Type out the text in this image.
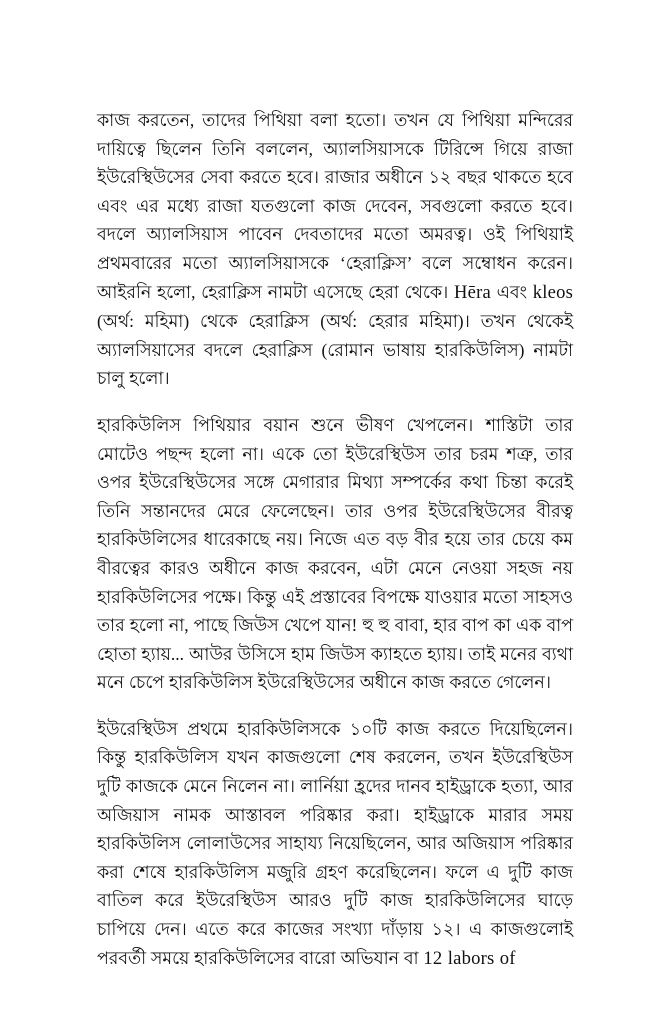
কাজ করতেন, তাদের পিথিয়া বলা হতো। তখন যে পিথিয়া মন্দিরের দায়িত্বে ছিলেন তিনি বললেন, অ্যালসিয়াসকে টিরিন্সে গিয়ে রাজা ইউরেস্থিউসের সেবা করতে হবে। রাজার অধীনে ১২ বছর থাকতে হবে এবং এর মধ্যে রাজা যতগুলো কাজ দেবেন, সবগুলো করতে হবে। বদলে অ্যালসিয়াস পাবেন দেবতাদের মতো অমরত্ব। ওই পিথিয়াই প্রথমবারের মতো অ্যালসিয়াসকে ‘হেরাক্লিস’ বলে সম্বোধন করেন। আইরনি হলো, হেরাক্লিস নামটা এসেছে হেরা থেকে। Hēra এবং kleos (অর্থ: মহিমা) থেকে হেরাক্লিস (অর্থ: হেরার মহিমা)। তখন থেকেই অ্যালসিয়াসের বদলে হেরাক্লিস (রোমান ভাষায় হারকিউলিস) নামটা চালু হলো।

হারকিউলিস পিথিয়ার বয়ান শুনে ভীষণ খেপলেন। শাস্তিটা তার মোটেও পছন্দ হলো না। একে তো ইউরেস্থিউস তার চরম শত্রু, তার ওপর ইউরেস্থিউসের সঙ্গে মেগারার মিথ্যা সম্পর্কের কথা চিন্তা করেই তিনি সন্তানদের মেরে ফেলেছেন। তার ওপর ইউরেস্থিউসের বীরত্ব হারকিউলিসের ধারেকাছে নয়। নিজে এত বড় বীর হয়ে তার চেয়ে কম বীরত্বের কারও অধীনে কাজ করবেন, এটা মেনে নেওয়া সহজ নয় হারকিউলিসের পক্ষে। কিন্তু এই প্রস্তাবের বিপক্ষে যাওয়ার মতো সাহসও তার হলো না, পাছে জিউস খেপে যান! হু হু বাবা, হার বাপ কা এক বাপ হোতা হ্যায়... আউর উসিসে হাম জিউস ক্যাহতে হ্যায়। তাই মনের ব্যথা মনে চেপে হারকিউলিস ইউরেস্থিউসের অধীনে কাজ করতে গেলেন।

ইউরেস্থিউস প্রথমে হারকিউলিসকে ১০টি কাজ করতে দিয়েছিলেন। কিন্তু হারকিউলিস যখন কাজগুলো শেষ করলেন, তখন ইউরেস্থিউস দুটি কাজকে মেনে নিলেন না। লার্নিয়া হ্রদের দানব হাইড্রাকে হত্যা, আর অজিয়াস নামক আস্তাবল পরিষ্কার করা। হাইড্রাকে মারার সময় হারকিউলিস লোলাউসের সাহায্য নিয়েছিলেন, আর অজিয়াস পরিষ্কার করা শেষে হারকিউলিস মজুরি গ্রহণ করেছিলেন। ফলে এ দুটি কাজ বাতিল করে ইউরেস্থিউস আরও দুটি কাজ হারকিউলিসের ঘাড়ে চাপিয়ে দেন। এতে করে কাজের সংখ্যা দাঁড়ায় ১২। এ কাজগুলোই পরবর্তী সময়ে হারকিউলিসের বারো অভিযান বা 12 labors of
